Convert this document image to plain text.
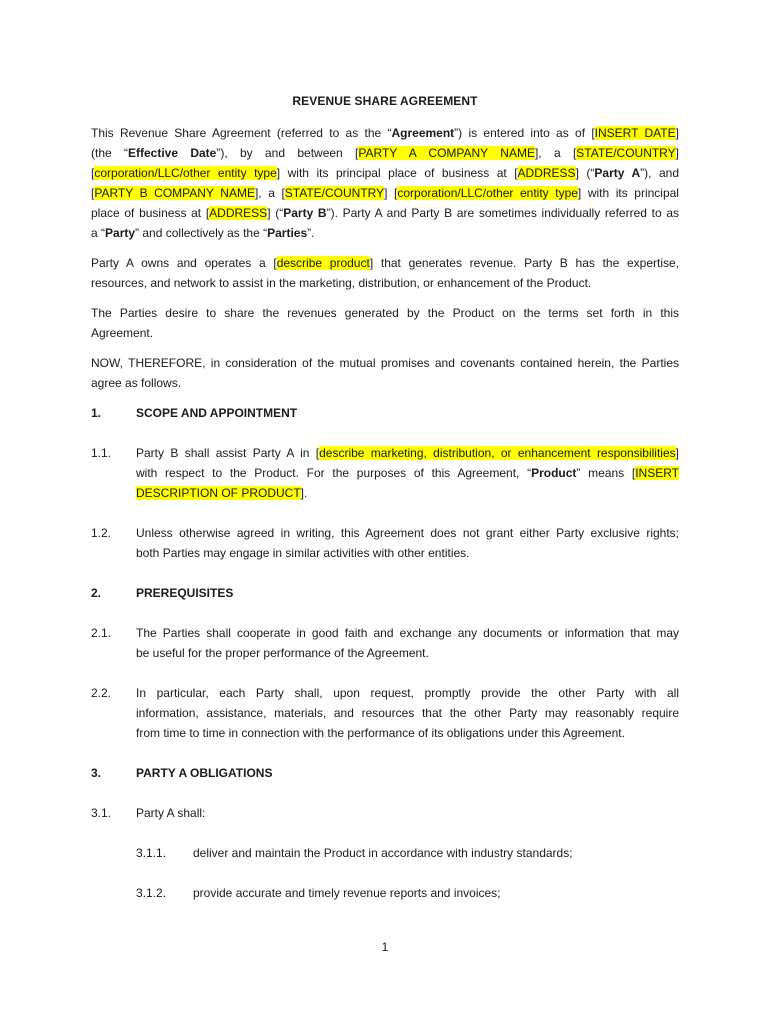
REVENUE SHARE AGREEMENT
This Revenue Share Agreement (referred to as the “Agreement”) is entered into as of [INSERT DATE]
(the “Effective Date”), by and between [PARTY A COMPANY NAME], a [STATE/COUNTRY]
[corporation/LLC/other entity type] with its principal place of business at [ADDRESS] (“Party A”), and
[PARTY B COMPANY NAME], a [STATE/COUNTRY] [corporation/LLC/other entity type] with its principal
place of business at [ADDRESS] (“Party B”). Party A and Party B are sometimes individually referred to as
a “Party” and collectively as the “Parties”.
Party A owns and operates a [describe product] that generates revenue. Party B has the expertise,
resources, and network to assist in the marketing, distribution, or enhancement of the Product.
The Parties desire to share the revenues generated by the Product on the terms set forth in this
Agreement.
NOW, THEREFORE, in consideration of the mutual promises and covenants contained herein, the Parties
agree as follows.
1.	SCOPE AND APPOINTMENT
1.1. Party B shall assist Party A in [describe marketing, distribution, or enhancement responsibilities]
with respect to the Product. For the purposes of this Agreement, “Product” means [INSERT
DESCRIPTION OF PRODUCT].
1.2. Unless otherwise agreed in writing, this Agreement does not grant either Party exclusive rights;
both Parties may engage in similar activities with other entities.
2.	PREREQUISITES
2.1. The Parties shall cooperate in good faith and exchange any documents or information that may
be useful for the proper performance of the Agreement.
2.2. In particular, each Party shall, upon request, promptly provide the other Party with all
information, assistance, materials, and resources that the other Party may reasonably require
from time to time in connection with the performance of its obligations under this Agreement.
3.	PARTY A OBLIGATIONS
3.1. Party A shall:
3.1.1. deliver and maintain the Product in accordance with industry standards;
3.1.2. provide accurate and timely revenue reports and invoices;
1
